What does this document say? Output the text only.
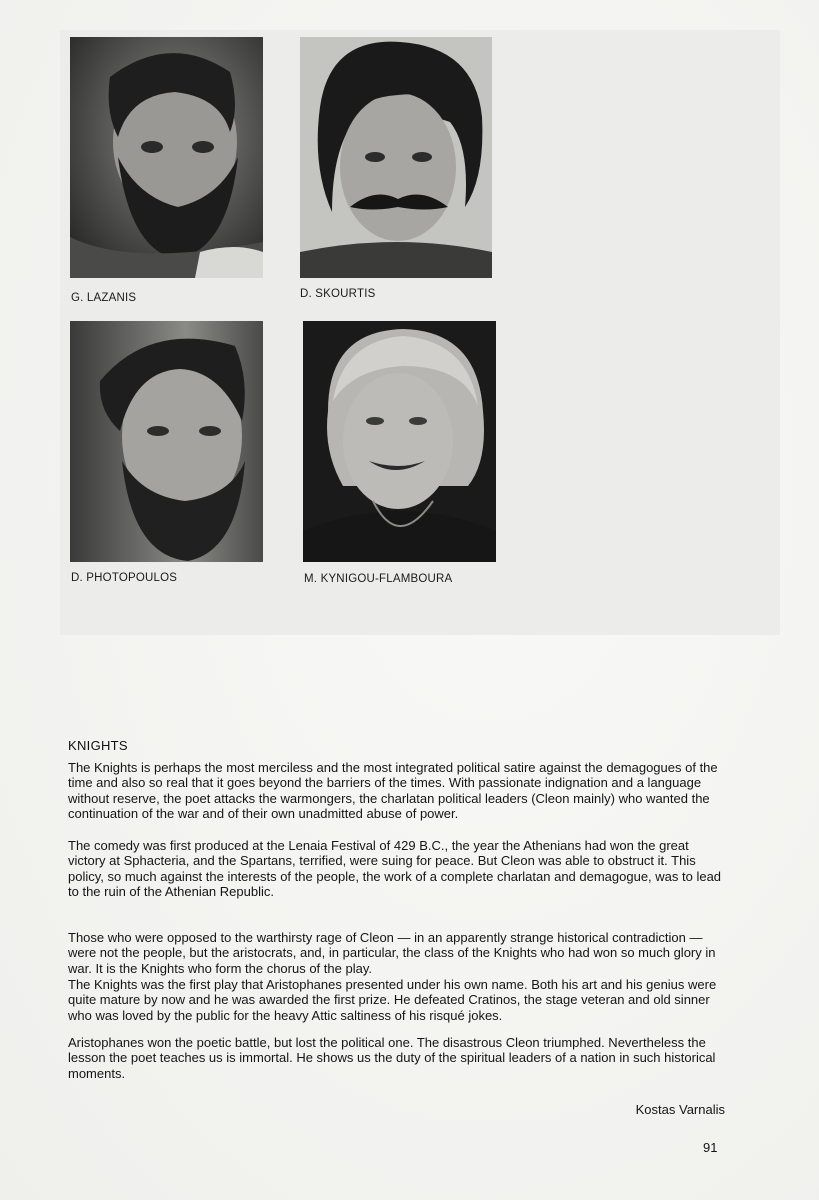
G. LAZANIS	D. SKOURTIS
D. PHOTOPOULOS	M. KYNIGOU-FLAMBOURA
KNIGHTS

The Knights is perhaps the most merciless and the most integrated political satire against the demagogues of the time and also so real that it goes beyond the barriers of the times. With passionate indignation and a language without reserve, the poet attacks the warmongers, the charlatan political leaders (Cleon mainly) who wanted the continuation of the war and of their own unadmitted abuse of power.

The comedy was first produced at the Lenaia Festival of 429 B.C., the year the Athenians had won the great victory at Sphacteria, and the Spartans, terrified, were suing for peace. But Cleon was able to obstruct it. This policy, so much against the interests of the people, the work of a complete charlatan and demagogue, was to lead to the ruin of the Athenian Republic.

Those who were opposed to the warthirsty rage of Cleon — in an apparently strange historical contradiction — were not the people, but the aristocrats, and, in particular, the class of the Knights who had won so much glory in war. It is the Knights who form the chorus of the play.

The Knights was the first play that Aristophanes presented under his own name. Both his art and his genius were quite mature by now and he was awarded the first prize. He defeated Cratinos, the stage veteran and old sinner who was loved by the public for the heavy Attic saltiness of his risqué jokes.

Aristophanes won the poetic battle, but lost the political one. The disastrous Cleon triumphed. Nevertheless the lesson the poet teaches us is immortal. He shows us the duty of the spiritual leaders of a nation in such historical moments.

Kostas Varnalis
91
